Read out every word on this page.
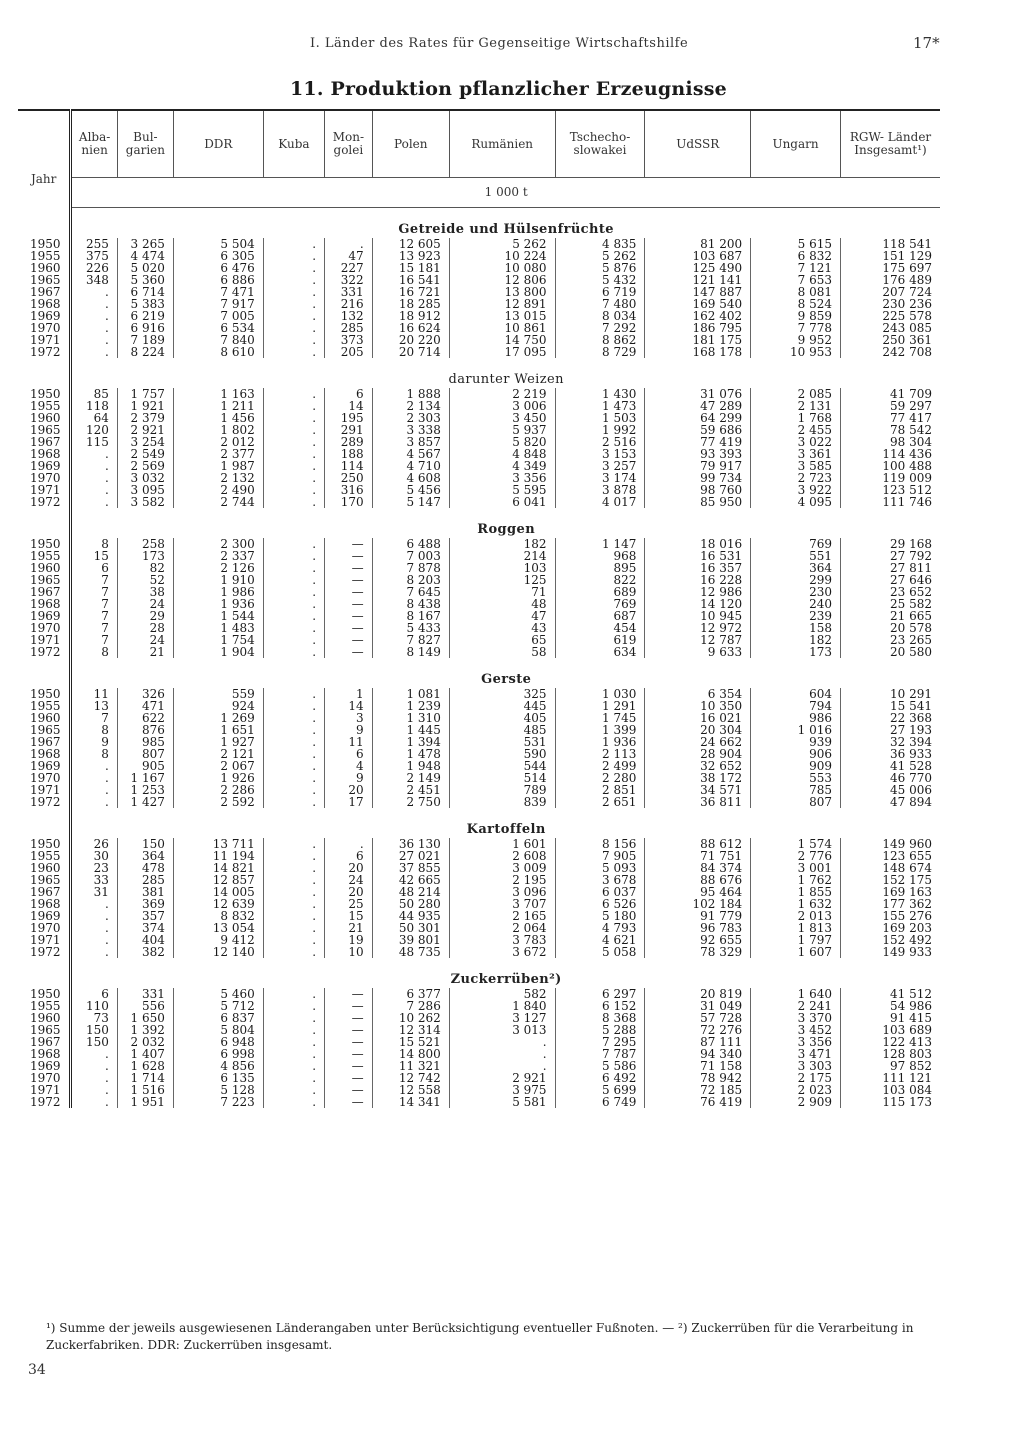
I. Länder des Rates für Gegenseitige Wirtschaftshilfe	17*
11. Produktion pflanzlicher Erzeugnisse
Jahr	Alba- nien	Bul- garien	DDR	Kuba	Mon- golei	Polen	Rumänien	Tschecho- slowakei	UdSSR	Ungarn	RGW- Länder Insgesamt¹)
	1 000 t										
	Getreide und Hülsenfrüchte										
1950	255	3 265	5 504	.	.	12 605	5 262	4 835	81 200	5 615	118 541
1955	375	4 474	6 305	.	47	13 923	10 224	5 262	103 687	6 832	151 129
1960	226	5 020	6 476	.	227	15 181	10 080	5 876	125 490	7 121	175 697
1965	348	5 360	6 886	.	322	16 541	12 806	5 432	121 141	7 653	176 489
1967	.	6 714	7 471	.	331	16 721	13 800	6 719	147 887	8 081	207 724
1968	.	5 383	7 917	.	216	18 285	12 891	7 480	169 540	8 524	230 236
1969	.	6 219	7 005	.	132	18 912	13 015	8 034	162 402	9 859	225 578
1970	.	6 916	6 534	.	285	16 624	10 861	7 292	186 795	7 778	243 085
1971	.	7 189	7 840	.	373	20 220	14 750	8 862	181 175	9 952	250 361
1972	.	8 224	8 610	.	205	20 714	17 095	8 729	168 178	10 953	242 708
	darunter Weizen										
1950	85	1 757	1 163	.	6	1 888	2 219	1 430	31 076	2 085	41 709
1955	118	1 921	1 211	.	14	2 134	3 006	1 473	47 289	2 131	59 297
1960	64	2 379	1 456	.	195	2 303	3 450	1 503	64 299	1 768	77 417
1965	120	2 921	1 802	.	291	3 338	5 937	1 992	59 686	2 455	78 542
1967	115	3 254	2 012	.	289	3 857	5 820	2 516	77 419	3 022	98 304
1968	.	2 549	2 377	.	188	4 567	4 848	3 153	93 393	3 361	114 436
1969	.	2 569	1 987	.	114	4 710	4 349	3 257	79 917	3 585	100 488
1970	.	3 032	2 132	.	250	4 608	3 356	3 174	99 734	2 723	119 009
1971	.	3 095	2 490	.	316	5 456	5 595	3 878	98 760	3 922	123 512
1972	.	3 582	2 744	.	170	5 147	6 041	4 017	85 950	4 095	111 746
	Roggen										
1950	8	258	2 300	.	—	6 488	182	1 147	18 016	769	29 168
1955	15	173	2 337	.	—	7 003	214	968	16 531	551	27 792
1960	6	82	2 126	.	—	7 878	103	895	16 357	364	27 811
1965	7	52	1 910	.	—	8 203	125	822	16 228	299	27 646
1967	7	38	1 986	.	—	7 645	71	689	12 986	230	23 652
1968	7	24	1 936	.	—	8 438	48	769	14 120	240	25 582
1969	7	29	1 544	.	—	8 167	47	687	10 945	239	21 665
1970	7	28	1 483	.	—	5 433	43	454	12 972	158	20 578
1971	7	24	1 754	.	—	7 827	65	619	12 787	182	23 265
1972	8	21	1 904	.	—	8 149	58	634	9 633	173	20 580
	Gerste										
1950	11	326	559	.	1	1 081	325	1 030	6 354	604	10 291
1955	13	471	924	.	14	1 239	445	1 291	10 350	794	15 541
1960	7	622	1 269	.	3	1 310	405	1 745	16 021	986	22 368
1965	8	876	1 651	.	9	1 445	485	1 399	20 304	1 016	27 193
1967	9	985	1 927	.	11	1 394	531	1 936	24 662	939	32 394
1968	8	807	2 121	.	6	1 478	590	2 113	28 904	906	36 933
1969	.	905	2 067	.	4	1 948	544	2 499	32 652	909	41 528
1970	.	1 167	1 926	.	9	2 149	514	2 280	38 172	553	46 770
1971	.	1 253	2 286	.	20	2 451	789	2 851	34 571	785	45 006
1972	.	1 427	2 592	.	17	2 750	839	2 651	36 811	807	47 894
	Kartoffeln										
1950	26	150	13 711	.	.	36 130	1 601	8 156	88 612	1 574	149 960
1955	30	364	11 194	.	6	27 021	2 608	7 905	71 751	2 776	123 655
1960	23	478	14 821	.	20	37 855	3 009	5 093	84 374	3 001	148 674
1965	33	285	12 857	.	24	42 665	2 195	3 678	88 676	1 762	152 175
1967	31	381	14 005	.	20	48 214	3 096	6 037	95 464	1 855	169 163
1968	.	369	12 639	.	25	50 280	3 707	6 526	102 184	1 632	177 362
1969	.	357	8 832	.	15	44 935	2 165	5 180	91 779	2 013	155 276
1970	.	374	13 054	.	21	50 301	2 064	4 793	96 783	1 813	169 203
1971	.	404	9 412	.	19	39 801	3 783	4 621	92 655	1 797	152 492
1972	.	382	12 140	.	10	48 735	3 672	5 058	78 329	1 607	149 933
	Zuckerrüben²)										
1950	6	331	5 460	.	—	6 377	582	6 297	20 819	1 640	41 512
1955	110	556	5 712	.	—	7 286	1 840	6 152	31 049	2 241	54 986
1960	73	1 650	6 837	.	—	10 262	3 127	8 368	57 728	3 370	91 415
1965	150	1 392	5 804	.	—	12 314	3 013	5 288	72 276	3 452	103 689
1967	150	2 032	6 948	.	—	15 521	.	7 295	87 111	3 356	122 413
1968	.	1 407	6 998	.	—	14 800	.	7 787	94 340	3 471	128 803
1969	.	1 628	4 856	.	—	11 321	.	5 586	71 158	3 303	97 852
1970	.	1 714	6 135	.	—	12 742	2 921	6 492	78 942	2 175	111 121
1971	.	1 516	5 128	.	—	12 558	3 975	5 699	72 185	2 023	103 084
1972	.	1 951	7 223	.	—	14 341	5 581	6 749	76 419	2 909	115 173
¹) Summe der jeweils ausgewiesenen Länderangaben unter Berücksichtigung eventueller Fußnoten. — ²) Zuckerrüben für die Verarbeitung in Zuckerfabriken. DDR: Zuckerrüben insgesamt.
34
